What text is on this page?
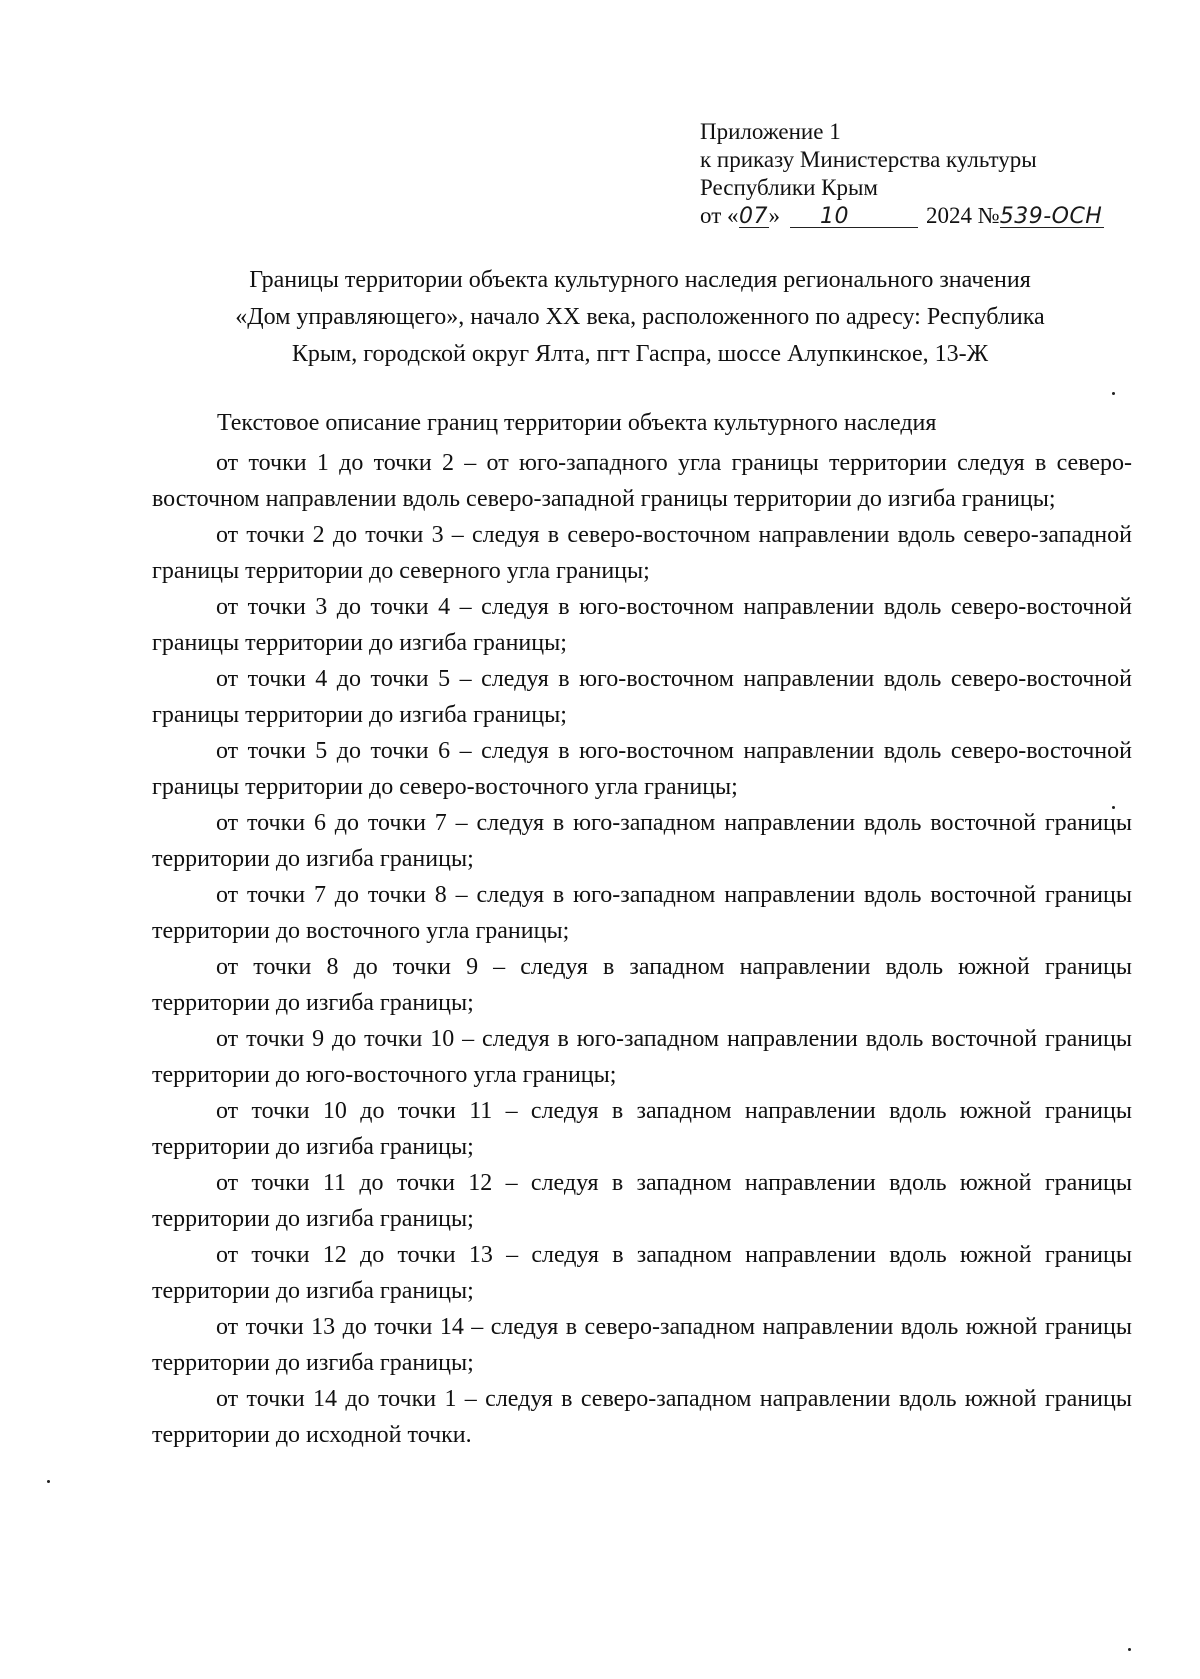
Приложение 1
к приказу Министерства культуры
Республики Крым
от « 07 »	10	2024 № 539-ОСН
Границы территории объекта культурного наследия регионального значения
«Дом управляющего», начало XX века, расположенного по адресу: Республика
Крым, городской округ Ялта, пгт Гаспра, шоссе Алупкинское, 13-Ж
Текстовое описание границ территории объекта культурного наследия

от точки 1 до точки 2 – от юго-западного угла границы территории следуя в северо-восточном направлении вдоль северо-западной границы территории до изгиба границы;

от точки 2 до точки 3 – следуя в северо-восточном направлении вдоль северо-западной границы территории до северного угла границы;

от точки 3 до точки 4 – следуя в юго-восточном направлении вдоль северо-восточной границы территории до изгиба границы;

от точки 4 до точки 5 – следуя в юго-восточном направлении вдоль северо-восточной границы территории до изгиба границы;

от точки 5 до точки 6 – следуя в юго-восточном направлении вдоль северо-восточной границы территории до северо-восточного угла границы;

от точки 6 до точки 7 – следуя в юго-западном направлении вдоль восточной границы территории до изгиба границы;

от точки 7 до точки 8 – следуя в юго-западном направлении вдоль восточной границы территории до восточного угла границы;

от точки 8 до точки 9 – следуя в западном направлении вдоль южной границы территории до изгиба границы;

от точки 9 до точки 10 – следуя в юго-западном направлении вдоль восточной границы территории до юго-восточного угла границы;

от точки 10 до точки 11 – следуя в западном направлении вдоль южной границы территории до изгиба границы;

от точки 11 до точки 12 – следуя в западном направлении вдоль южной границы территории до изгиба границы;

от точки 12 до точки 13 – следуя в западном направлении вдоль южной границы территории до изгиба границы;

от точки 13 до точки 14 – следуя в северо-западном направлении вдоль южной границы территории до изгиба границы;

от точки 14 до точки 1 – следуя в северо-западном направлении вдоль южной границы территории до исходной точки.
